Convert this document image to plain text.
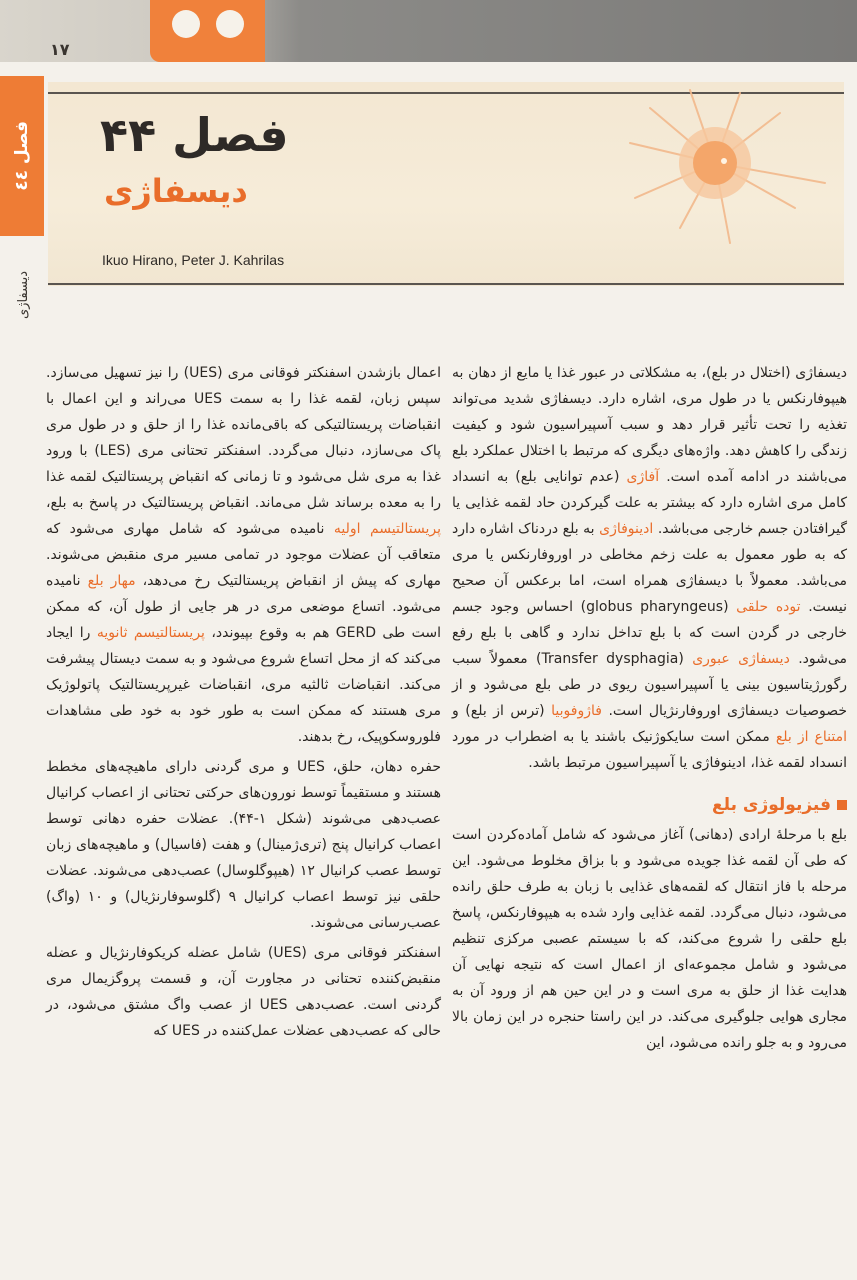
۱۷
فصل ٤٤
دیسفاژی
فصل ۴۴
دیسفاژی
Ikuo Hirano, Peter J. Kahrilas

دیسفاژی (اختلال در بلع)، به مشکلاتی در عبور غذا یا مایع از دهان به هیپوفارنکس یا در طول مری، اشاره دارد. دیسفاژی شدید می‌تواند تغذیه را تحت تأثیر قرار دهد و سبب آسپیراسیون شود و کیفیت زندگی را کاهش دهد. واژه‌های دیگری که مرتبط با اختلال عملکرد بلع می‌باشند در ادامه آمده است. آفاژی (عدم توانایی بلع) به انسداد کامل مری اشاره دارد که بیشتر به علت گیرکردن حاد لقمه غذایی یا گیرافتادن جسم خارجی می‌باشد. ادینوفاژی به بلع دردناک اشاره دارد که به طور معمول به علت زخم مخاطی در اوروفارنکس یا مری می‌باشد. معمولاً با دیسفاژی همراه است، اما برعکس آن صحیح نیست. توده حلقی (globus pharyngeus) احساس وجود جسم خارجی در گردن است که با بلع تداخل ندارد و گاهی با بلع رفع می‌شود. دیسفاژی عبوری (Transfer dysphagia) معمولاً سبب رگورژیتاسیون بینی یا آسپیراسیون ریوی در طی بلع می‌شود و از خصوصیات دیسفاژی اوروفارنژیال است. فاژوفوبیا (ترس از بلع) و امتناع از بلع ممکن است سایکوژنیک باشند یا به اضطراب در مورد انسداد لقمه غذا، ادینوفاژی یا آسپیراسیون مرتبط باشد.

فیزیولوژی بلع

بلع با مرحلهٔ ارادی (دهانی) آغاز می‌شود که شامل آماده‌کردن است که طی آن لقمه غذا جویده می‌شود و با بزاق مخلوط می‌شود. این مرحله با فاز انتقال که لقمه‌های غذایی با زبان به طرف حلق رانده می‌شود، دنبال می‌گردد. لقمه غذایی وارد شده به هیپوفارنکس، پاسخ بلع حلقی را شروع می‌کند، که با سیستم عصبی مرکزی تنظیم می‌شود و شامل مجموعه‌ای از اعمال است که نتیجه نهایی آن هدایت غذا از حلق به مری است و در این حین هم از ورود آن به مجاری هوایی جلوگیری می‌کند. در این راستا حنجره در این زمان بالا می‌رود و به جلو رانده می‌شود، این

اعمال بازشدن اسفنکتر فوقانی مری (UES) را نیز تسهیل می‌سازد. سپس زبان، لقمه غذا را به سمت UES می‌راند و این اعمال با انقباضات پریستالتیکی که باقی‌مانده غذا را از حلق و در طول مری پاک می‌سازد، دنبال می‌گردد. اسفنکتر تحتانی مری (LES) با ورود غذا به مری شل می‌شود و تا زمانی که انقباض پریستالتیک لقمه غذا را به معده برساند شل می‌ماند. انقباض پریستالتیک در پاسخ به بلع، پریستالتیسم اولیه نامیده می‌شود که شامل مهاری می‌شود که متعاقب آن عضلات موجود در تمامی مسیر مری منقبض می‌شوند. مهاری که پیش از انقباض پریستالتیک رخ می‌دهد، مهار بلع نامیده می‌شود. اتساع موضعی مری در هر جایی از طول آن، که ممکن است طی GERD هم به وقوع بپیوندد، پریستالتیسم ثانویه را ایجاد می‌کند که از محل اتساع شروع می‌شود و به سمت دیستال پیشرفت می‌کند. انقباضات ثالثیه مری، انقباضات غیرپریستالتیک پاتولوژیک مری هستند که ممکن است به طور خود به خود طی مشاهدات فلوروسکوپیک، رخ بدهند.

حفره دهان، حلق، UES و مری گردنی دارای ماهیچه‌های مخطط هستند و مستقیماً توسط نورون‌های حرکتی تحتانی از اعصاب کرانیال عصب‌دهی می‌شوند (شکل ۱-۴۴). عضلات حفره دهانی توسط اعصاب کرانیال پنج (تری‌ژمینال) و هفت (فاسیال) و ماهیچه‌های زبان توسط عصب کرانیال ۱۲ (هیپوگلوسال) عصب‌دهی می‌شوند. عضلات حلقی نیز توسط اعصاب کرانیال ۹ (گلوسوفارنژیال) و ۱۰ (واگ) عصب‌رسانی می‌شوند.

اسفنکتر فوقانی مری (UES) شامل عضله کریکوفارنژیال و عضله منقبض‌کننده تحتانی در مجاورت آن، و قسمت پروگزیمال مری گردنی است. عصب‌دهی UES از عصب واگ مشتق می‌شود، در حالی که عصب‌دهی عضلات عمل‌کننده در UES که
